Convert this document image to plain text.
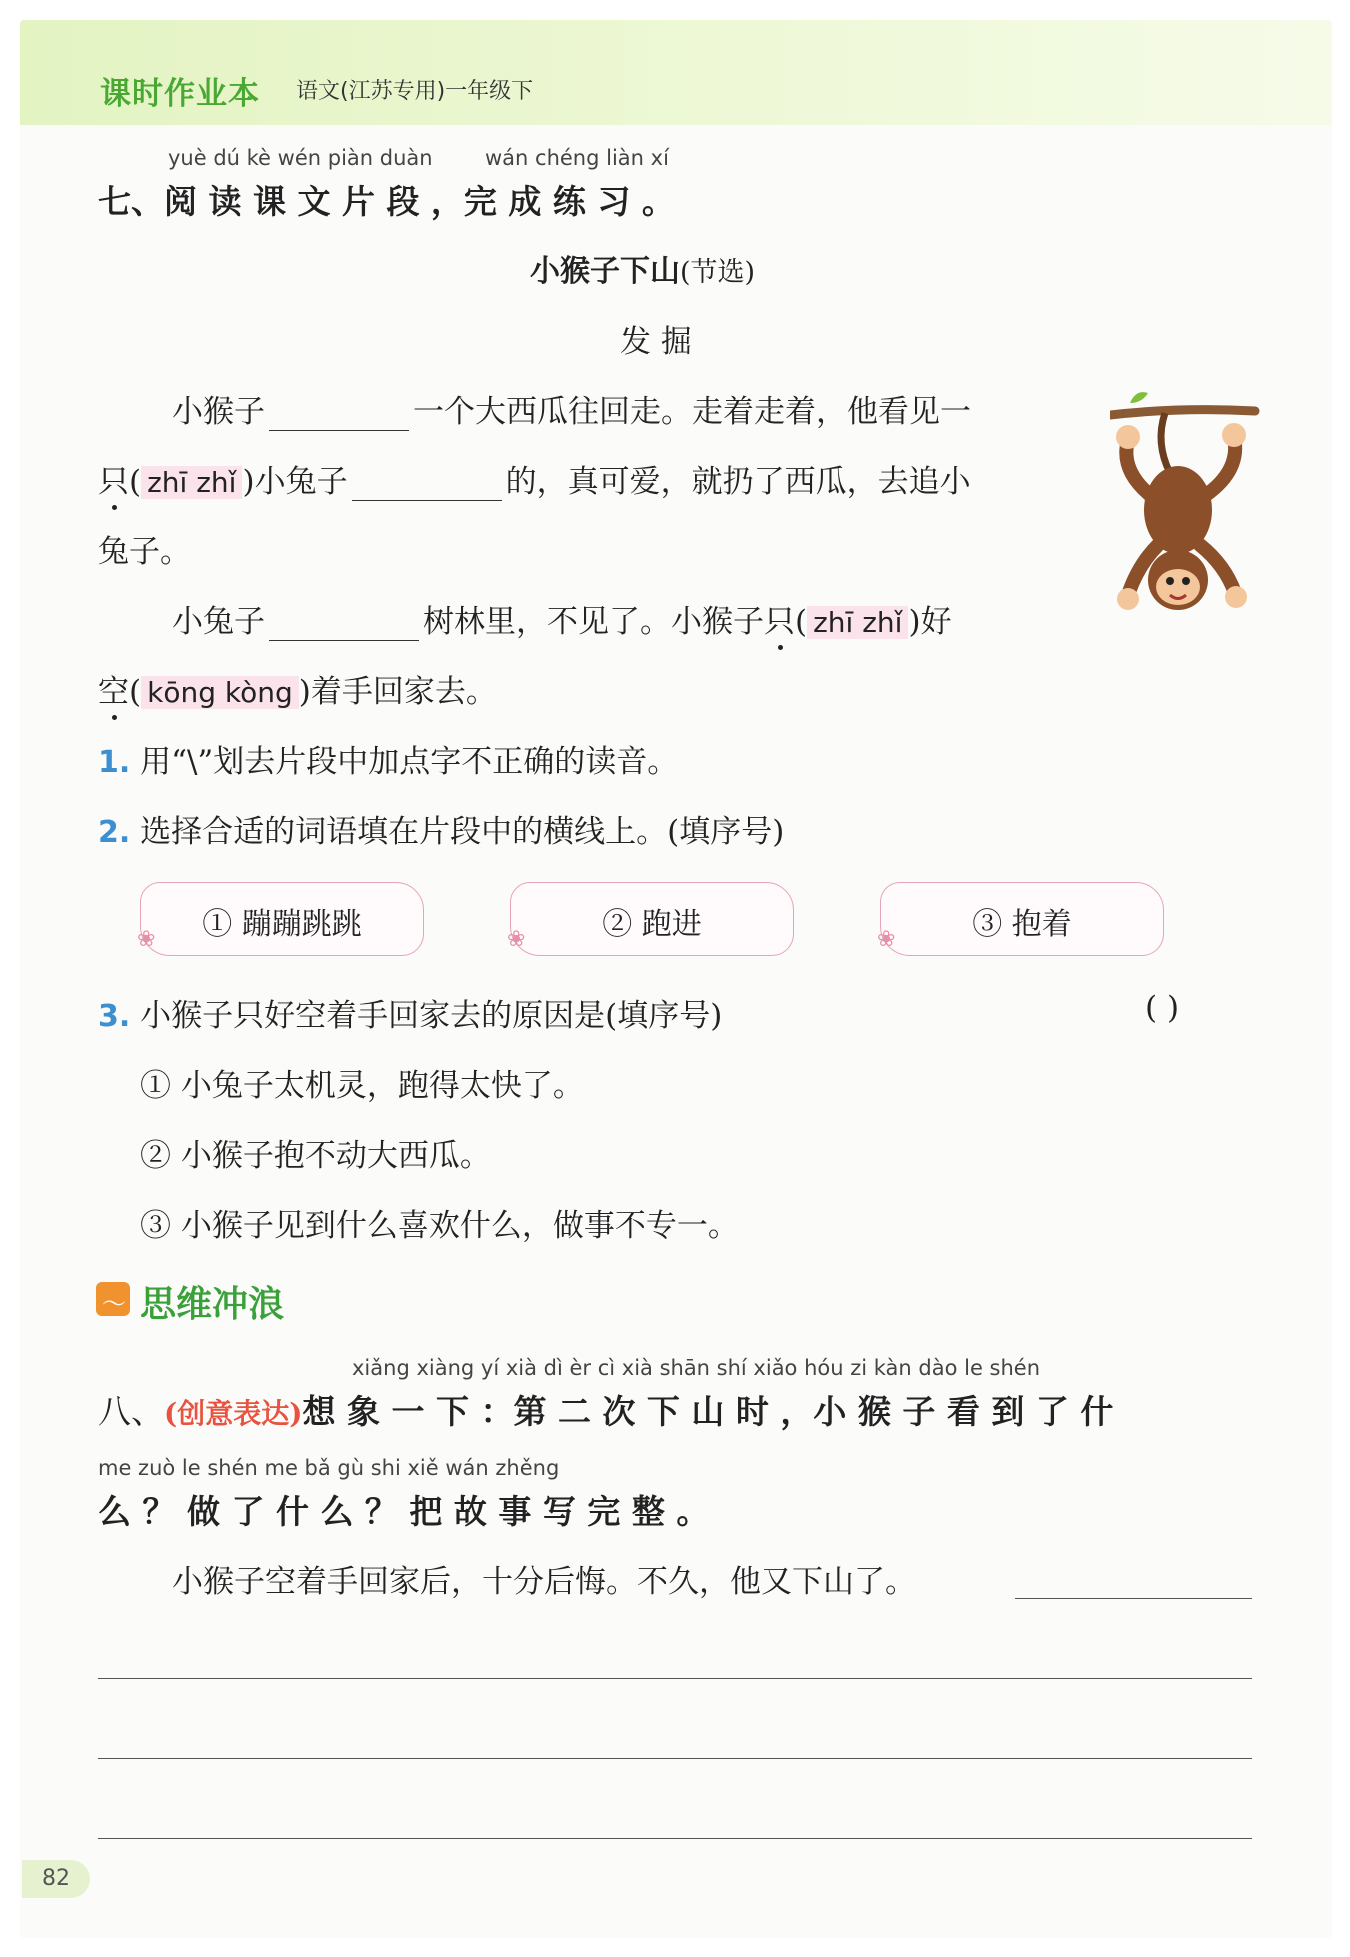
课时作业本 语文(江苏专用)一年级下
yuè dú kè wén piàn duàn wán chéng liàn xí
七、阅 读 课 文 片 段 ，完 成 练 习 。
小猴子下山(节选)
发 掘
小猴子	一个大西瓜往回走。走着走着，他看见一
只( zhī zhǐ )小兔子	的，真可爱，就扔了西瓜，去追小
兔子。
小兔子	树林里，不见了。小猴子只( zhī zhǐ )好
空( kōng kòng )着手回家去。
1. 用“\”划去片段中加点字不正确的读音。
2. 选择合适的词语填在片段中的横线上。(填序号)
❀	① 蹦蹦跳跳	❀	② 跑进	❀	③ 抱着
3. 小猴子只好空着手回家去的原因是(填序号)	( )
① 小兔子太机灵，跑得太快了。
② 小猴子抱不动大西瓜。
③ 小猴子见到什么喜欢什么，做事不专一。
〜 思维冲浪
xiǎng xiàng yí xià dì èr cì xià shān shí xiǎo hóu zi kàn dào le shén
八、(创意表达)想 象 一 下 ：第 二 次 下 山 时 ，小 猴 子 看 到 了 什
me zuò le shén me bǎ gù shi xiě wán zhěng
么 ？ 做 了 什 么 ？ 把 故 事 写 完 整 。
小猴子空着手回家后，十分后悔。不久，他又下山了。
82
